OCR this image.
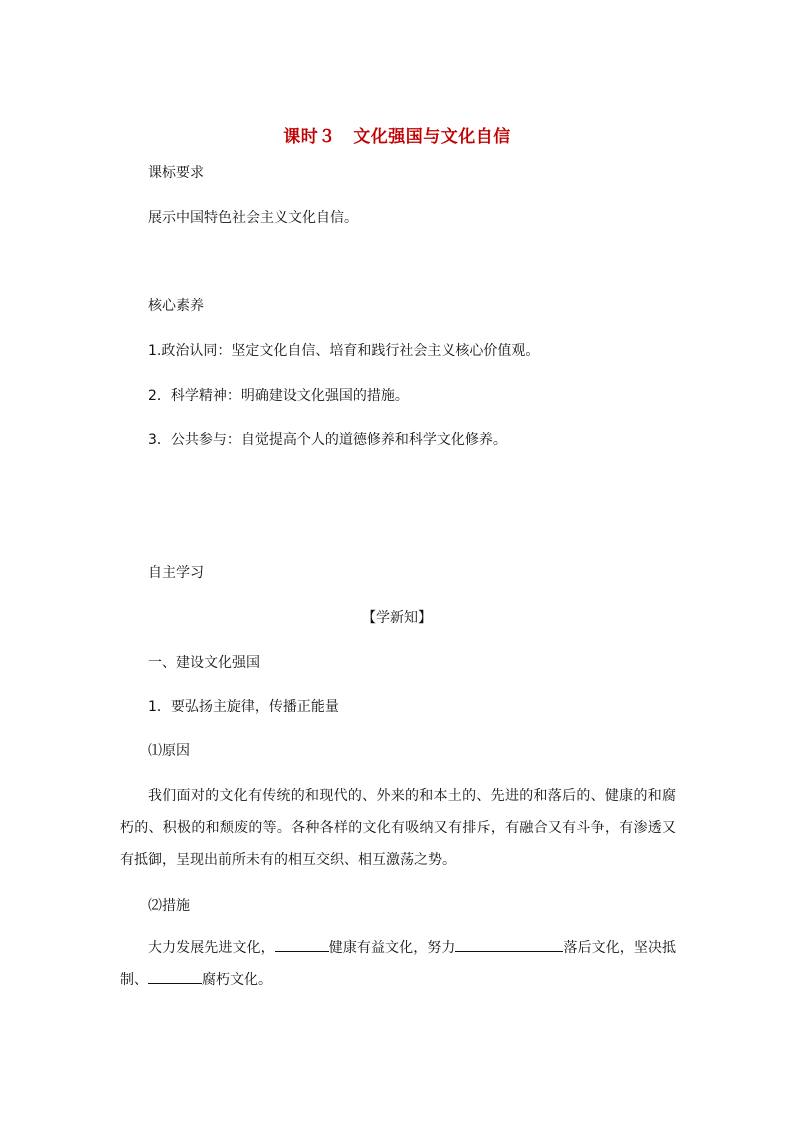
课时３　文化强国与文化自信
课标要求
展示中国特色社会主义文化自信。
核心素养
1.政治认同：坚定文化自信、培育和践行社会主义核心价值观。
2．科学精神：明确建设文化强国的措施。
3．公共参与：自觉提高个人的道德修养和科学文化修养。
自主学习
【学新知】
一、建设文化强国
1．要弘扬主旋律，传播正能量
⑴原因
我们面对的文化有传统的和现代的、外来的和本土的、先进的和落后的、健康的和腐朽的、积极的和颓废的等。各种各样的文化有吸纳又有排斥，有融合又有斗争，有渗透又有抵御，呈现出前所未有的相互交织、相互激荡之势。
⑵措施
大力发展先进文化，	健康有益文化，努力	落后文化，坚决抵制、	腐朽文化。
